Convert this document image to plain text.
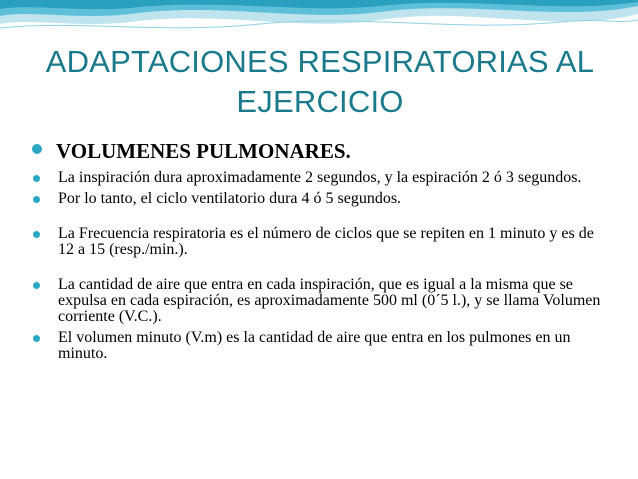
ADAPTACIONES RESPIRATORIAS AL
EJERCICIO
VOLUMENES PULMONARES.
La inspiración dura aproximadamente 2 segundos, y la espiración 2 ó 3 segundos.
Por lo tanto, el ciclo ventilatorio dura 4 ó 5 segundos.
La Frecuencia respiratoria es el número de ciclos que se repiten en 1 minuto y es de 12 a 15 (resp./min.).
La cantidad de aire que entra en cada inspiración, que es igual a la misma que se expulsa en cada espiración, es aproximadamente 500 ml (0´5 l.), y se llama Volumen corriente (V.C.).
El volumen minuto (V.m) es la cantidad de aire que entra en los pulmones en un minuto.
